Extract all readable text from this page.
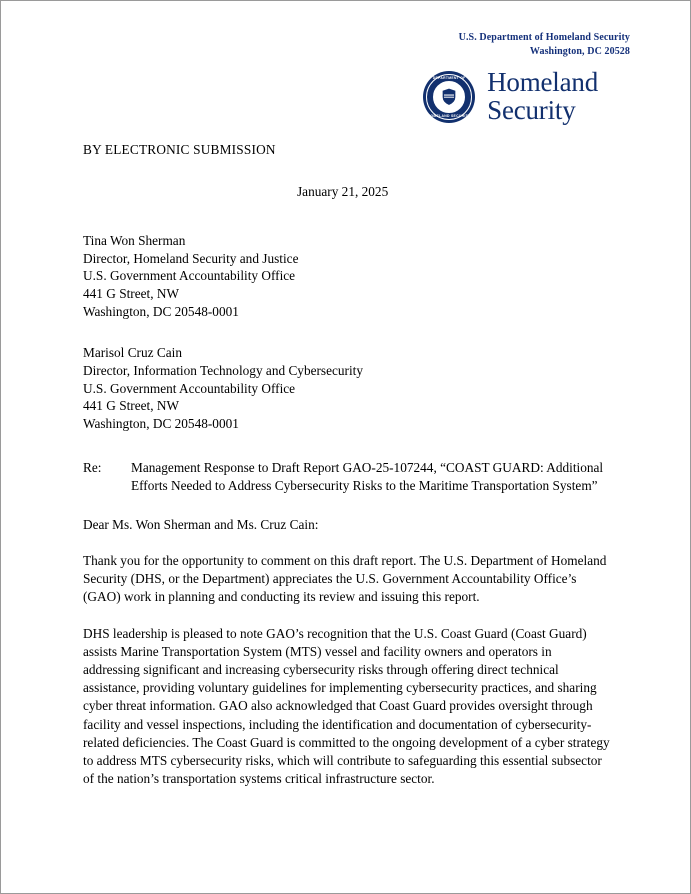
U.S. Department of Homeland Security
Washington, DC 20528
DEPARTMENT OF
HOMELAND SECURITY
Homeland
Security
BY ELECTRONIC SUBMISSION
January 21, 2025
Tina Won Sherman
Director, Homeland Security and Justice
U.S. Government Accountability Office
441 G Street, NW
Washington, DC 20548-0001
Marisol Cruz Cain
Director, Information Technology and Cybersecurity
U.S. Government Accountability Office
441 G Street, NW
Washington, DC 20548-0001
Re:	Management Response to Draft Report GAO-25-107244, “COAST GUARD: Additional Efforts Needed to Address Cybersecurity Risks to the Maritime Transportation System”
Dear Ms. Won Sherman and Ms. Cruz Cain:
Thank you for the opportunity to comment on this draft report. The U.S. Department of Homeland Security (DHS, or the Department) appreciates the U.S. Government Accountability Office’s (GAO) work in planning and conducting its review and issuing this report.
DHS leadership is pleased to note GAO’s recognition that the U.S. Coast Guard (Coast Guard) assists Marine Transportation System (MTS) vessel and facility owners and operators in addressing significant and increasing cybersecurity risks through offering direct technical assistance, providing voluntary guidelines for implementing cybersecurity practices, and sharing cyber threat information. GAO also acknowledged that Coast Guard provides oversight through facility and vessel inspections, including the identification and documentation of cybersecurity-related deficiencies. The Coast Guard is committed to the ongoing development of a cyber strategy to address MTS cybersecurity risks, which will contribute to safeguarding this essential subsector of the nation’s transportation systems critical infrastructure sector.
